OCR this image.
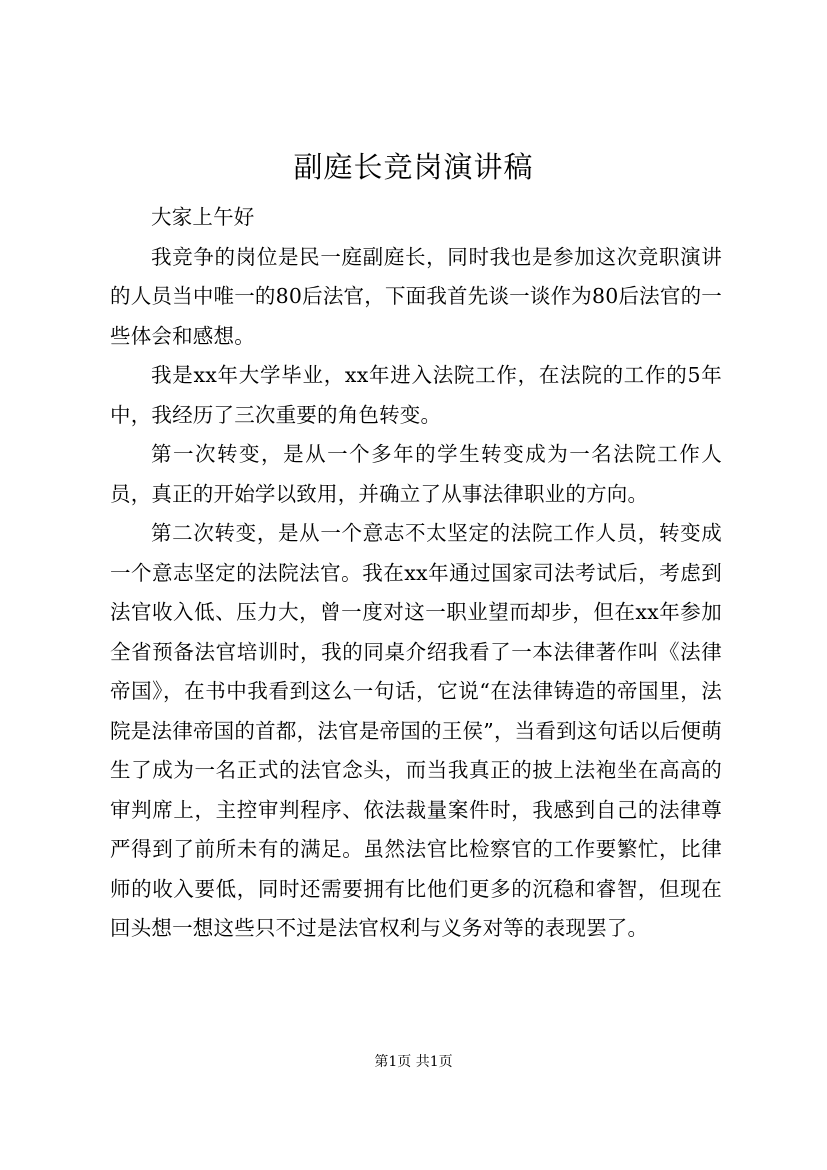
副庭长竞岗演讲稿

大家上午好

我竞争的岗位是民一庭副庭长，同时我也是参加这次竞职演讲的人员当中唯一的80后法官，下面我首先谈一谈作为80后法官的一些体会和感想。

我是xx年大学毕业，xx年进入法院工作，在法院的工作的5年中，我经历了三次重要的角色转变。

第一次转变，是从一个多年的学生转变成为一名法院工作人员，真正的开始学以致用，并确立了从事法律职业的方向。

第二次转变，是从一个意志不太坚定的法院工作人员，转变成一个意志坚定的法院法官。我在xx年通过国家司法考试后，考虑到法官收入低、压力大，曾一度对这一职业望而却步，但在xx年参加全省预备法官培训时，我的同桌介绍我看了一本法律著作叫《法律帝国》，在书中我看到这么一句话，它说“在法律铸造的帝国里，法院是法律帝国的首都，法官是帝国的王侯”，当看到这句话以后便萌生了成为一名正式的法官念头，而当我真正的披上法袍坐在高高的审判席上，主控审判程序、依法裁量案件时，我感到自己的法律尊严得到了前所未有的满足。虽然法官比检察官的工作要繁忙，比律师的收入要低，同时还需要拥有比他们更多的沉稳和睿智，但现在回头想一想这些只不过是法官权利与义务对等的表现罢了。

第1页 共1页
